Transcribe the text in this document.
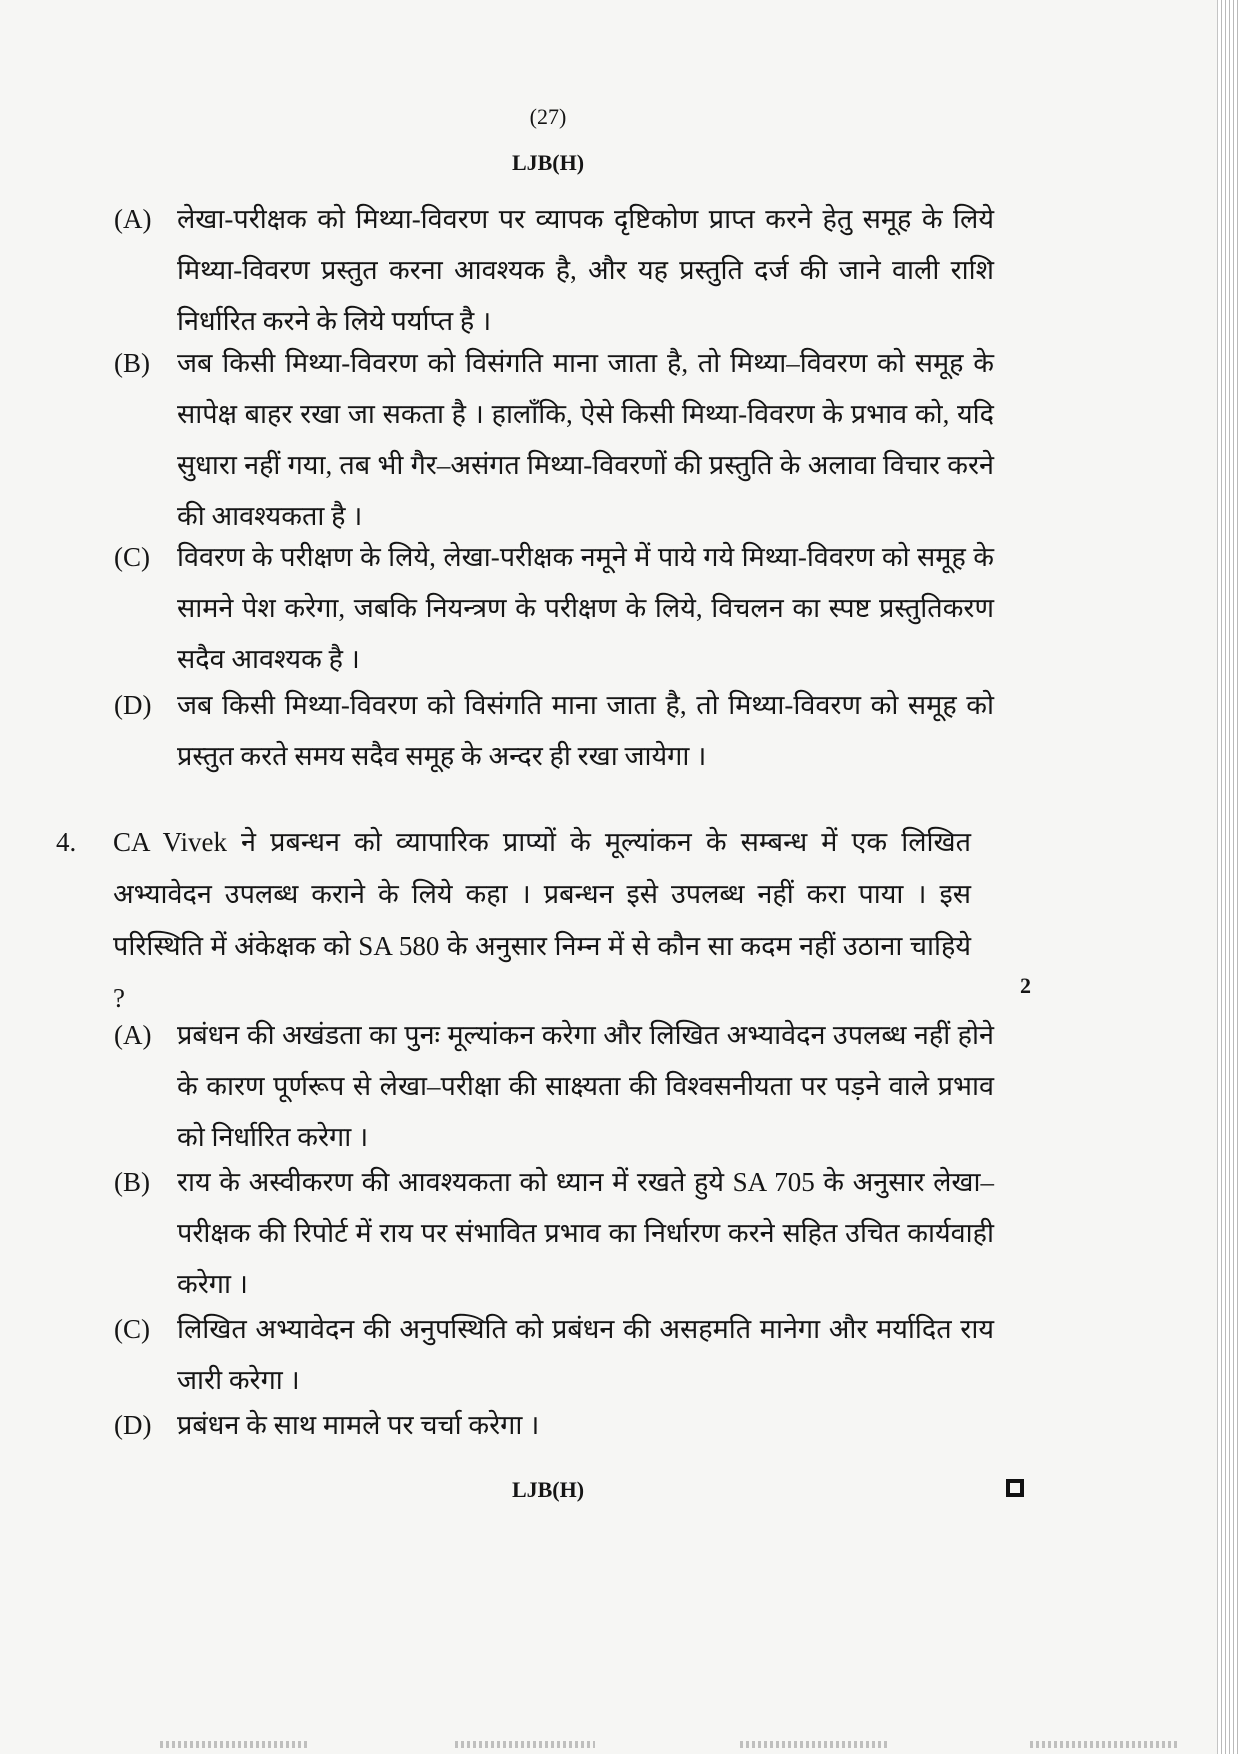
(27)
LJB(H)
(A) लेखा-परीक्षक को मिथ्या-विवरण पर व्यापक दृष्टिकोण प्राप्त करने हेतु समूह के लिये मिथ्या-विवरण प्रस्तुत करना आवश्यक है, और यह प्रस्तुति दर्ज की जाने वाली राशि निर्धारित करने के लिये पर्याप्त है ।
(B) जब किसी मिथ्या-विवरण को विसंगति माना जाता है, तो मिथ्या–विवरण को समूह के सापेक्ष बाहर रखा जा सकता है । हालाँकि, ऐसे किसी मिथ्या-विवरण के प्रभाव को, यदि सुधारा नहीं गया, तब भी गैर–असंगत मिथ्या-विवरणों की प्रस्तुति के अलावा विचार करने की आवश्यकता है ।
(C) विवरण के परीक्षण के लिये, लेखा-परीक्षक नमूने में पाये गये मिथ्या-विवरण को समूह के सामने पेश करेगा, जबकि नियन्त्रण के परीक्षण के लिये, विचलन का स्पष्ट प्रस्तुतिकरण सदैव आवश्यक है ।
(D) जब किसी मिथ्या-विवरण को विसंगति माना जाता है, तो मिथ्या-विवरण को समूह को प्रस्तुत करते समय सदैव समूह के अन्दर ही रखा जायेगा ।
4. CA Vivek ने प्रबन्धन को व्यापारिक प्राप्यों के मूल्यांकन के सम्बन्ध में एक लिखित अभ्यावेदन उपलब्ध कराने के लिये कहा । प्रबन्धन इसे उपलब्ध नहीं करा पाया । इस परिस्थिति में अंकेक्षक को SA 580 के अनुसार निम्न में से कौन सा कदम नहीं उठाना चाहिये ?	2
(A) प्रबंधन की अखंडता का पुनः मूल्यांकन करेगा और लिखित अभ्यावेदन उपलब्ध नहीं होने के कारण पूर्णरूप से लेखा–परीक्षा की साक्ष्यता की विश्वसनीयता पर पड़ने वाले प्रभाव को निर्धारित करेगा ।
(B) राय के अस्वीकरण की आवश्यकता को ध्यान में रखते हुये SA 705 के अनुसार लेखा–परीक्षक की रिपोर्ट में राय पर संभावित प्रभाव का निर्धारण करने सहित उचित कार्यवाही करेगा ।
(C) लिखित अभ्यावेदन की अनुपस्थिति को प्रबंधन की असहमति मानेगा और मर्यादित राय जारी करेगा ।
(D) प्रबंधन के साथ मामले पर चर्चा करेगा ।
LJB(H)
